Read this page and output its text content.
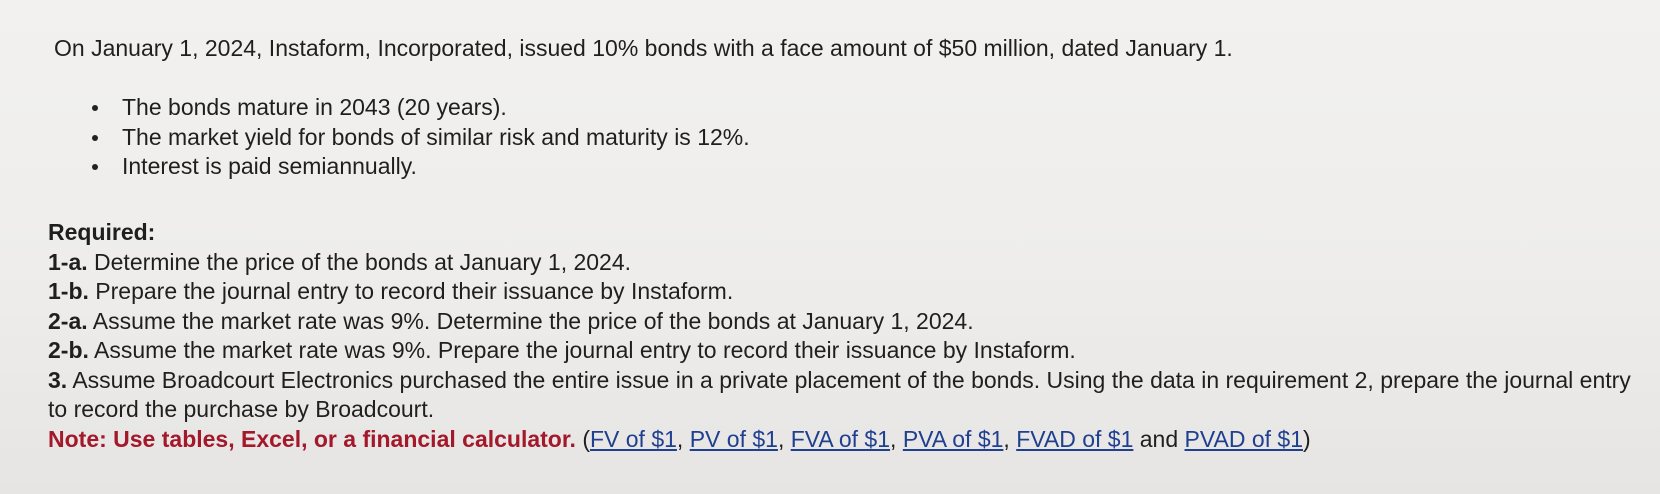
On January 1, 2024, Instaform, Incorporated, issued 10% bonds with a face amount of $50 million, dated January 1.
The bonds mature in 2043 (20 years).
The market yield for bonds of similar risk and maturity is 12%.
Interest is paid semiannually.
Required:
1-a. Determine the price of the bonds at January 1, 2024.
1-b. Prepare the journal entry to record their issuance by Instaform.
2-a. Assume the market rate was 9%. Determine the price of the bonds at January 1, 2024.
2-b. Assume the market rate was 9%. Prepare the journal entry to record their issuance by Instaform.
3. Assume Broadcourt Electronics purchased the entire issue in a private placement of the bonds. Using the data in requirement 2, prepare the journal entry to record the purchase by Broadcourt.
Note: Use tables, Excel, or a financial calculator. (FV of $1, PV of $1, FVA of $1, PVA of $1, FVAD of $1 and PVAD of $1)
